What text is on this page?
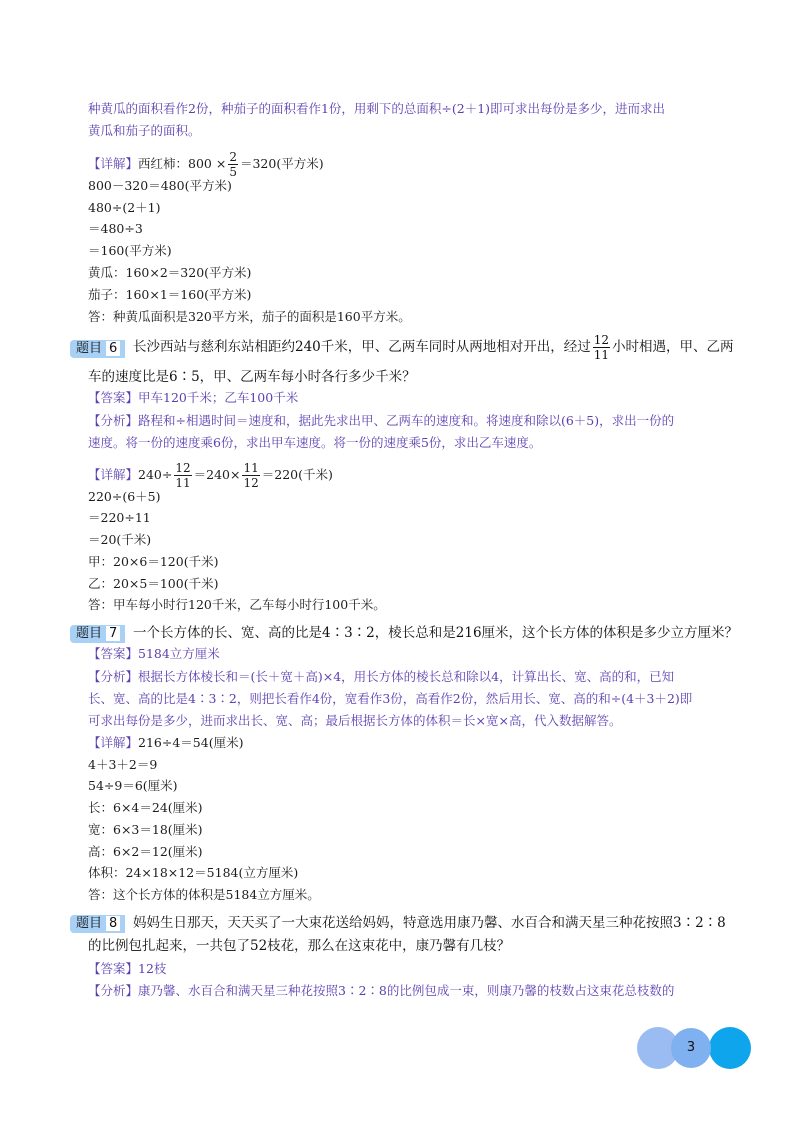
种黄瓜的面积看作2份，种茄子的面积看作1份，用剩下的总面积÷(2＋1)即可求出每份是多少，进而求出
黄瓜和茄子的面积。
【详解】西红柿：$800 \times \frac{2}{5} =320$(平方米)
800－320＝480(平方米)
480÷(2＋1)
＝480÷3
＝160(平方米)
黄瓜：160×2＝320(平方米)
茄子：160×1＝160(平方米)
答：种黄瓜面积是320平方米，茄子的面积是160平方米。
题目 6	长沙西站与慈利东站相距约240千米，甲、乙两车同时从两地相对开出，经过 $\frac{12}{11}$ 小时相遇，甲、乙两
车的速度比是6∶5，甲、乙两车每小时各行多少千米？
【答案】甲车120千米；乙车100千米
【分析】路程和÷相遇时间＝速度和，据此先求出甲、乙两车的速度和。将速度和除以(6＋5)，求出一份的
速度。将一份的速度乘6份，求出甲车速度。将一份的速度乘5份，求出乙车速度。
【详解】$240\div \frac{12}{11} =240\times \frac{11}{12} =220$(千米)
220÷(6＋5)
＝220÷11
＝20(千米)
甲：20×6＝120(千米)
乙：20×5＝100(千米)
答：甲车每小时行120千米，乙车每小时行100千米。
题目 7	一个长方体的长、宽、高的比是4∶3∶2，棱长总和是216厘米，这个长方体的体积是多少立方厘米？
【答案】5184立方厘米
【分析】根据长方体棱长和＝(长＋宽＋高)×4，用长方体的棱长总和除以4，计算出长、宽、高的和，已知
长、宽、高的比是4∶3∶2，则把长看作4份，宽看作3份，高看作2份，然后用长、宽、高的和÷(4＋3＋2)即
可求出每份是多少，进而求出长、宽、高；最后根据长方体的体积＝长×宽×高，代入数据解答。
【详解】216÷4＝54(厘米)
4＋3＋2＝9
54÷9＝6(厘米)
长：6×4＝24(厘米)
宽：6×3＝18(厘米)
高：6×2＝12(厘米)
体积：24×18×12＝5184(立方厘米)
答：这个长方体的体积是5184立方厘米。
题目 8	妈妈生日那天，天天买了一大束花送给妈妈，特意选用康乃馨、水百合和满天星三种花按照3∶2∶8
的比例包扎起来，一共包了52枝花，那么在这束花中，康乃馨有几枝？
【答案】12枝
【分析】康乃馨、水百合和满天星三种花按照3∶2∶8的比例包成一束，则康乃馨的枝数占这束花总枝数的
3
